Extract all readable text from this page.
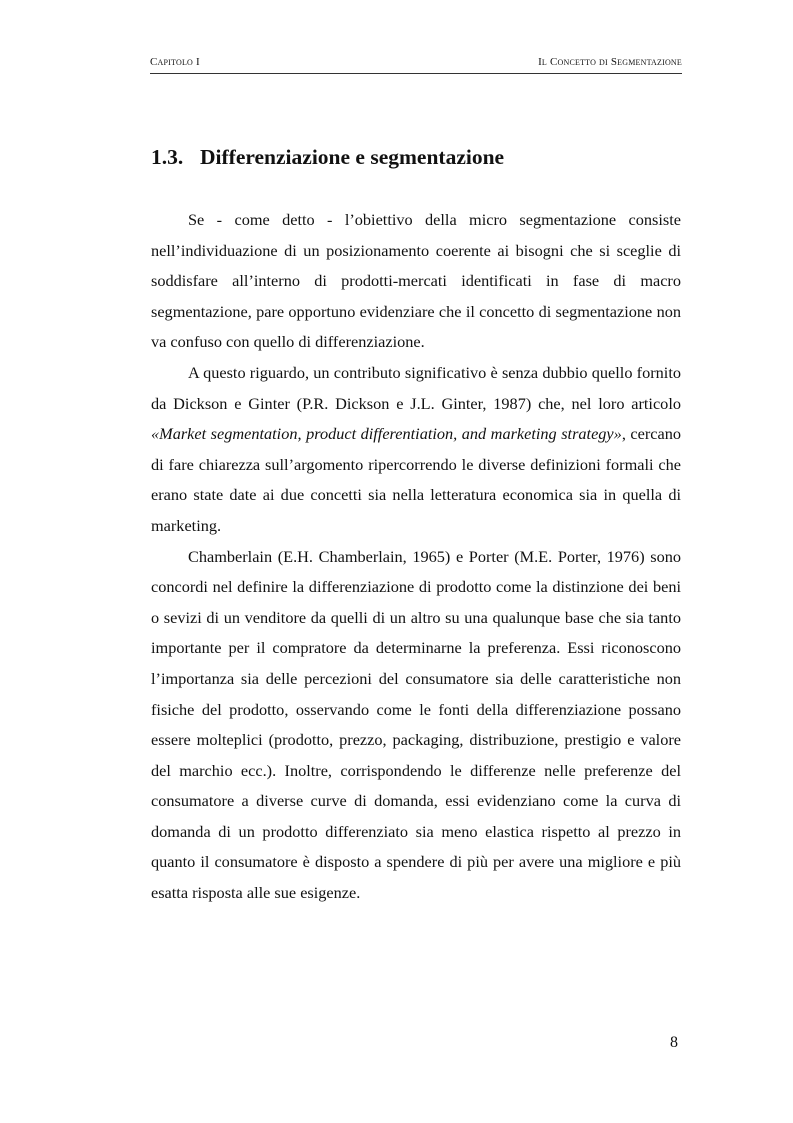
Capitolo I	Il Concetto di Segmentazione
1.3. Differenziazione e segmentazione

Se - come detto - l’obiettivo della micro segmentazione consiste nell’individuazione di un posizionamento coerente ai bisogni che si sceglie di soddisfare all’interno di prodotti-mercati identificati in fase di macro segmentazione, pare opportuno evidenziare che il concetto di segmentazione non va confuso con quello di differenziazione.

A questo riguardo, un contributo significativo è senza dubbio quello fornito da Dickson e Ginter (P.R. Dickson e J.L. Ginter, 1987) che, nel loro articolo «Market segmentation, product differentiation, and marketing strategy», cercano di fare chiarezza sull’argomento ripercorrendo le diverse definizioni formali che erano state date ai due concetti sia nella letteratura economica sia in quella di marketing.

Chamberlain (E.H. Chamberlain, 1965) e Porter (M.E. Porter, 1976) sono concordi nel definire la differenziazione di prodotto come la distinzione dei beni o sevizi di un venditore da quelli di un altro su una qualunque base che sia tanto importante per il compratore da determinarne la preferenza. Essi riconoscono l’importanza sia delle percezioni del consumatore sia delle caratteristiche non fisiche del prodotto, osservando come le fonti della differenziazione possano essere molteplici (prodotto, prezzo, packaging, distribuzione, prestigio e valore del marchio ecc.). Inoltre, corrispondendo le differenze nelle preferenze del consumatore a diverse curve di domanda, essi evidenziano come la curva di domanda di un prodotto differenziato sia meno elastica rispetto al prezzo in quanto il consumatore è disposto a spendere di più per avere una migliore e più esatta risposta alle sue esigenze.

8
